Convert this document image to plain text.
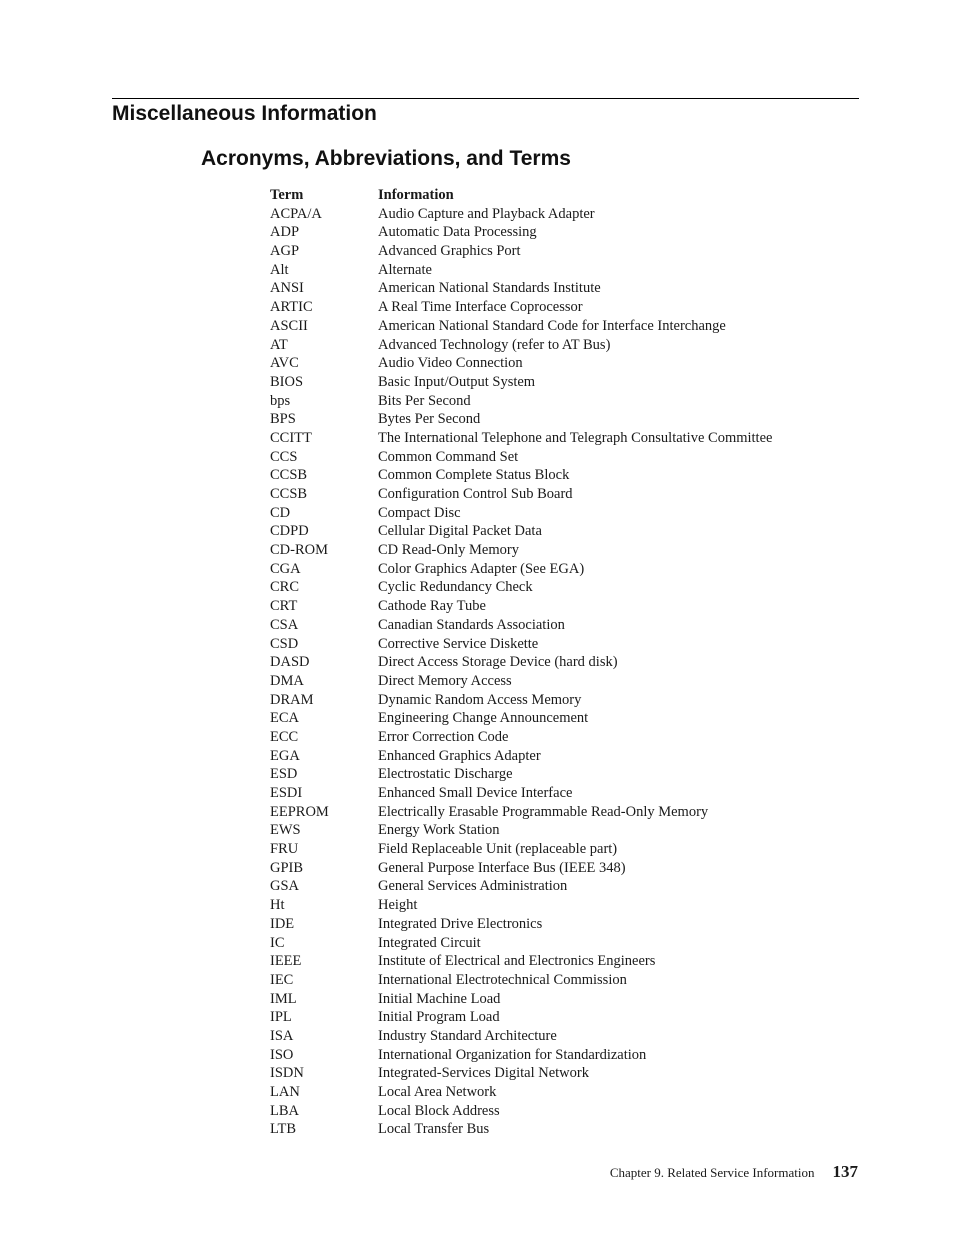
Miscellaneous Information
Acronyms, Abbreviations, and Terms
Term	Information
ACPA/A	Audio Capture and Playback Adapter
ADP	Automatic Data Processing
AGP	Advanced Graphics Port
Alt	Alternate
ANSI	American National Standards Institute
ARTIC	A Real Time Interface Coprocessor
ASCII	American National Standard Code for Interface Interchange
AT	Advanced Technology (refer to AT Bus)
AVC	Audio Video Connection
BIOS	Basic Input/Output System
bps	Bits Per Second
BPS	Bytes Per Second
CCITT	The International Telephone and Telegraph Consultative Committee
CCS	Common Command Set
CCSB	Common Complete Status Block
CCSB	Configuration Control Sub Board
CD	Compact Disc
CDPD	Cellular Digital Packet Data
CD-ROM	CD Read-Only Memory
CGA	Color Graphics Adapter (See EGA)
CRC	Cyclic Redundancy Check
CRT	Cathode Ray Tube
CSA	Canadian Standards Association
CSD	Corrective Service Diskette
DASD	Direct Access Storage Device (hard disk)
DMA	Direct Memory Access
DRAM	Dynamic Random Access Memory
ECA	Engineering Change Announcement
ECC	Error Correction Code
EGA	Enhanced Graphics Adapter
ESD	Electrostatic Discharge
ESDI	Enhanced Small Device Interface
EEPROM	Electrically Erasable Programmable Read-Only Memory
EWS	Energy Work Station
FRU	Field Replaceable Unit (replaceable part)
GPIB	General Purpose Interface Bus (IEEE 348)
GSA	General Services Administration
Ht	Height
IDE	Integrated Drive Electronics
IC	Integrated Circuit
IEEE	Institute of Electrical and Electronics Engineers
IEC	International Electrotechnical Commission
IML	Initial Machine Load
IPL	Initial Program Load
ISA	Industry Standard Architecture
ISO	International Organization for Standardization
ISDN	Integrated-Services Digital Network
LAN	Local Area Network
LBA	Local Block Address
LTB	Local Transfer Bus
Chapter 9. Related Service Information 137
